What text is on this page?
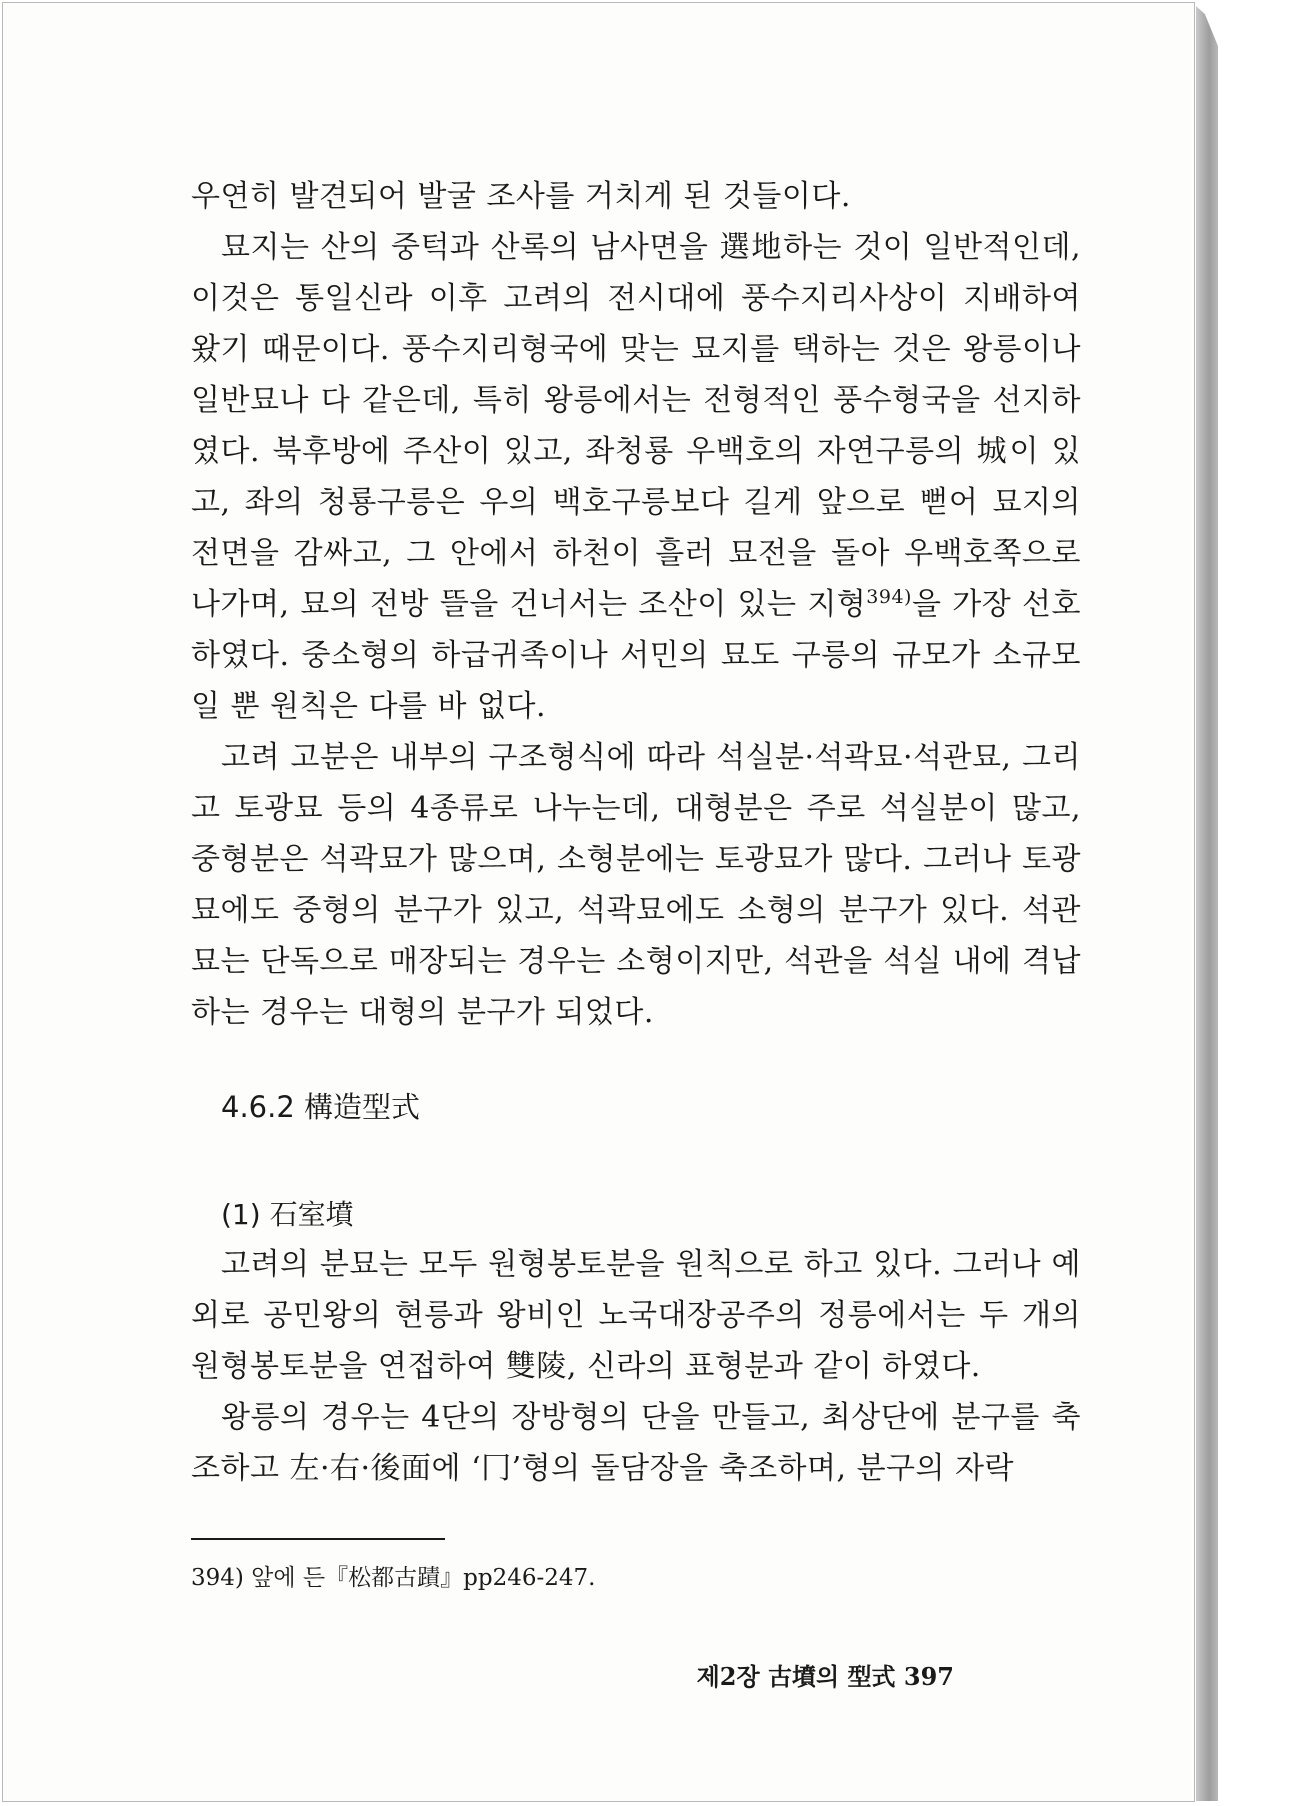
우연히 발견되어 발굴 조사를 거치게 된 것들이다.

묘지는 산의 중턱과 산록의 남사면을 選地하는 것이 일반적인데, 이것은 통일신라 이후 고려의 전시대에 풍수지리사상이 지배하여 왔기 때문이다. 풍수지리형국에 맞는 묘지를 택하는 것은 왕릉이나 일반묘나 다 같은데, 특히 왕릉에서는 전형적인 풍수형국을 선지하였다. 북후방에 주산이 있고, 좌청룡 우백호의 자연구릉의 城이 있고, 좌의 청룡구릉은 우의 백호구릉보다 길게 앞으로 뻗어 묘지의 전면을 감싸고, 그 안에서 하천이 흘러 묘전을 돌아 우백호쪽으로 나가며, 묘의 전방 뜰을 건너서는 조산이 있는 지형$^{394)}$을 가장 선호하였다. 중소형의 하급귀족이나 서민의 묘도 구릉의 규모가 소규모일 뿐 원칙은 다를 바 없다.

고려 고분은 내부의 구조형식에 따라 석실분·석곽묘·석관묘, 그리고 토광묘 등의 4종류로 나누는데, 대형분은 주로 석실분이 많고, 중형분은 석곽묘가 많으며, 소형분에는 토광묘가 많다. 그러나 토광묘에도 중형의 분구가 있고, 석곽묘에도 소형의 분구가 있다. 석관묘는 단독으로 매장되는 경우는 소형이지만, 석관을 석실 내에 격납하는 경우는 대형의 분구가 되었다.

4.6.2 構造型式
(1) 石室墳

고려의 분묘는 모두 원형봉토분을 원칙으로 하고 있다. 그러나 예외로 공민왕의 현릉과 왕비인 노국대장공주의 정릉에서는 두 개의 원형봉토분을 연접하여 雙陵, 신라의 표형분과 같이 하였다.

왕릉의 경우는 4단의 장방형의 단을 만들고, 최상단에 분구를 축조하고 左·右·後面에 ‘冂’형의 돌담장을 축조하며, 분구의 자락

394) 앞에 든『松都古蹟』pp246-247.
제2장 古墳의 型式 397
